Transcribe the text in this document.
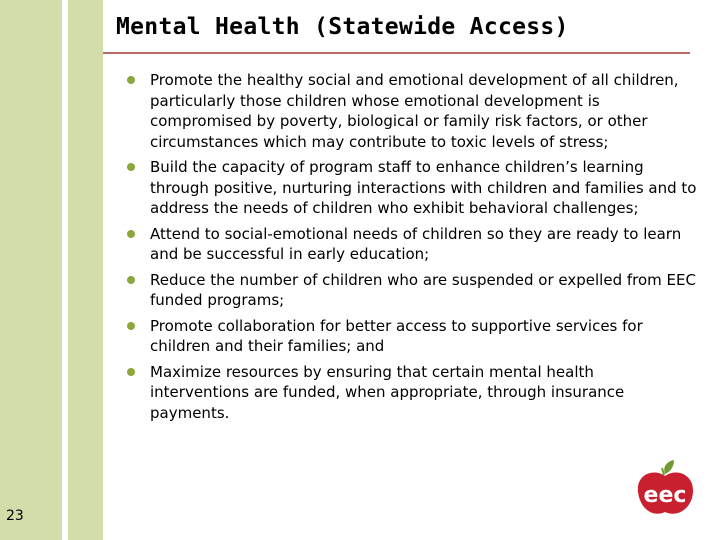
Mental Health (Statewide Access)
Promote the healthy social and emotional development of all children, particularly those children whose emotional development is compromised by poverty, biological or family risk factors, or other circumstances which may contribute to toxic levels of stress;
Build the capacity of program staff to enhance children’s learning through positive, nurturing interactions with children and families and to address the needs of children who exhibit behavioral challenges;
Attend to social-emotional needs of children so they are ready to learn and be successful in early education;
Reduce the number of children who are suspended or expelled from EEC funded programs;
Promote collaboration for better access to supportive services for children and their families; and
Maximize resources by ensuring that certain mental health interventions are funded, when appropriate, through insurance payments.
23
eec
